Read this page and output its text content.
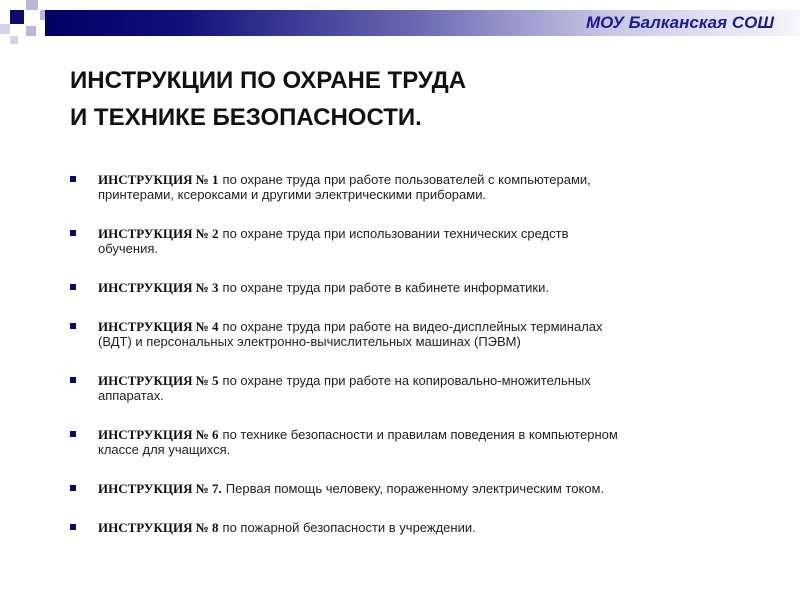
МОУ Балканская СОШ
ИНСТРУКЦИИ ПО ОХРАНЕ ТРУДА
И ТЕХНИКЕ БЕЗОПАСНОСТИ.
ИНСТРУКЦИЯ № 1 по охране труда при работе пользователей с компьютерами,
принтерами, ксероксами и другими электрическими приборами.
ИНСТРУКЦИЯ № 2 по охране труда при использовании технических средств
обучения.
ИНСТРУКЦИЯ № 3 по охране труда при работе в кабинете информатики.
ИНСТРУКЦИЯ № 4 по охране труда при работе на видео-дисплейных терминалах
(ВДТ) и персональных электронно-вычислительных машинах (ПЭВМ)
ИНСТРУКЦИЯ № 5 по охране труда при работе на копировально-множительных
аппаратах.
ИНСТРУКЦИЯ № 6 по технике безопасности и правилам поведения в компьютерном
классе для учащихся.
ИНСТРУКЦИЯ № 7. Первая помощь человеку, пораженному электрическим током.
ИНСТРУКЦИЯ № 8 по пожарной безопасности в учреждении.
